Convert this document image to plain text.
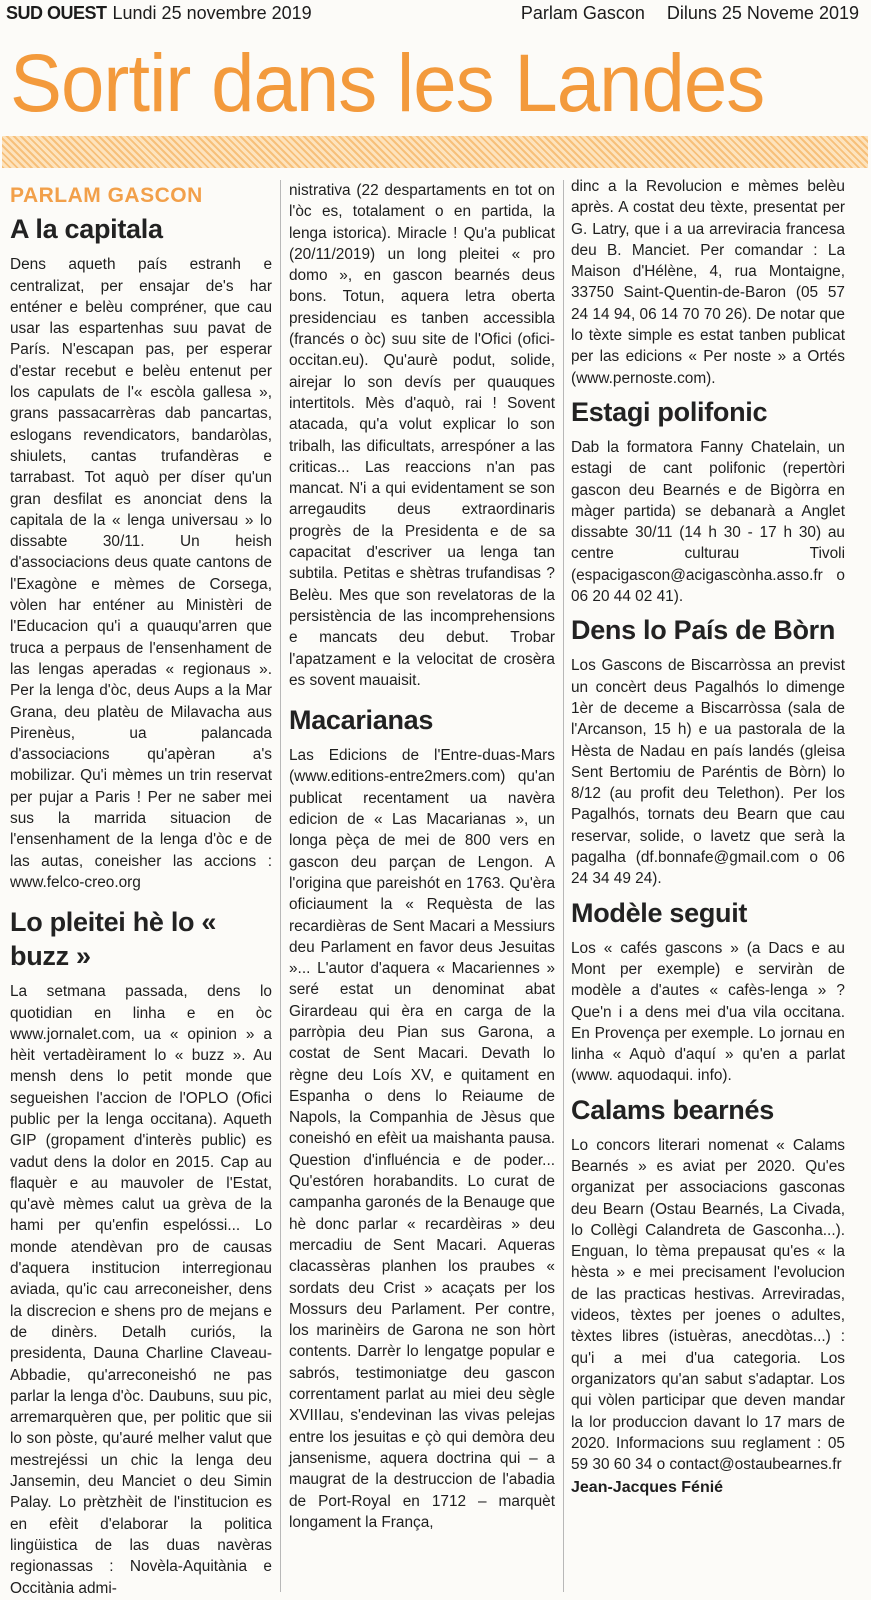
SUD OUEST Lundi 25 novembre 2019	Parlam Gascon Diluns 25 Noveme 2019
Sortir dans les Landes
PARLAM GASCON
A la capitala

Dens aqueth país estranh e centralizat, per ensajar de's har enténer e belèu compréner, que cau usar las espartenhas suu pavat de París. N'escapan pas, per esperar d'estar recebut e belèu entenut per los capulats de l'« escòla gallesa », grans passacarrèras dab pancartas, eslogans revendicators, bandaròlas, shiulets, cantas trufandèras e tarrabast. Tot aquò per díser qu'un gran desfilat es anonciat dens la capitala de la « lenga universau » lo dissabte 30/11. Un heish d'associacions deus quate cantons de l'Exagòne e mèmes de Corsega, vòlen har enténer au Ministèri de l'Educacion qu'i a quauqu'arren que truca a perpaus de l'ensenhament de las lengas aperadas « regionaus ». Per la lenga d'òc, deus Aups a la Mar Grana, deu platèu de Milavacha aus Pirenèus, ua palancada d'associacions qu'apèran a's mobilizar. Qu'i mèmes un trin reservat per pujar a Paris ! Per ne saber mei sus la marrida situacion de l'ensenhament de la lenga d'òc e de las autas, coneisher las accions : www.felco-creo.org

Lo pleitei hè lo « buzz »

La setmana passada, dens lo quotidian en linha e en òc www.jornalet.com, ua « opinion » a hèit vertadèirament lo « buzz ». Au mensh dens lo petit monde que segueishen l'accion de l'OPLO (Ofici public per la lenga occitana). Aqueth GIP (gropament d'interès public) es vadut dens la dolor en 2015. Cap au flaquèr e au mauvoler de l'Estat, qu'avè mèmes calut ua grèva de la hami per qu'enfin espelóssi... Lo monde atendèvan pro de causas d'aquera institucion interregionau aviada, qu'ic cau arreconeisher, dens la discrecion e shens pro de mejans e de dinèrs. Detalh curiós, la presidenta, Dauna Charline Claveau-Abbadie, qu'arreconeishó ne pas parlar la lenga d'òc. Daubuns, suu pic, arremarquèren que, per politic que sii lo son pòste, qu'auré melher valut que mestrejéssi un chic la lenga deu Jansemin, deu Manciet o deu Simin Palay. Lo prètzhèit de l'institucion es en efèit d'elaborar la politica lingüistica de las duas navèras regionassas : Novèla-Aquitània e Occitània admi-

nistrativa (22 despartaments en tot on l'òc es, totalament o en partida, la lenga istorica). Miracle ! Qu'a publicat (20/11/2019) un long pleitei « pro domo », en gascon bearnés deus bons. Totun, aquera letra oberta presidenciau es tanben accessibla (francés o òc) suu site de l'Ofici (ofici-occitan.eu). Qu'aurè podut, solide, airejar lo son devís per quauques intertitols. Mès d'aquò, rai ! Sovent atacada, qu'a volut explicar lo son tribalh, las dificultats, arrespóner a las criticas... Las reaccions n'an pas mancat. N'i a qui evidentament se son arregaudits deus extraordinaris progrès de la Presidenta e de sa capacitat d'escriver ua lenga tan subtila. Petitas e shètras trufandisas ? Belèu. Mes que son revelatoras de la persistència de las incomprehensions e mancats deu debut. Trobar l'apatzament e la velocitat de crosèra es sovent mauaisit.

Macarianas

Las Edicions de l'Entre-duas-Mars (www.editions-entre2mers.com) qu'an publicat recentament ua navèra edicion de « Las Macarianas », un longa pèça de mei de 800 vers en gascon deu parçan de Lengon. A l'origina que pareishót en 1763. Qu'èra oficiaument la « Requèsta de las recardièras de Sent Macari a Messiurs deu Parlament en favor deus Jesuitas »... L'autor d'aquera « Macariennes » seré estat un denominat abat Girardeau qui èra en carga de la parròpia deu Pian sus Garona, a costat de Sent Macari. Devath lo règne deu Loís XV, e quitament en Espanha o dens lo Reiaume de Napols, la Companhia de Jèsus que coneishó en efèit ua maishanta pausa. Question d'influéncia e de poder... Qu'estóren horabandits. Lo curat de campanha garonés de la Benauge que hè donc parlar « recardèiras » deu mercadiu de Sent Macari. Aqueras clacassèras planhen los praubes « sordats deu Crist » acaçats per los Mossurs deu Parlament. Per contre, los marinèirs de Garona ne son hòrt contents. Darrèr lo lengatge popular e sabrós, testimoniatge deu gascon correntament parlat au miei deu sègle XVIIIau, s'endevinan las vivas pelejas entre los jesuitas e çò qui demòra deu jansenisme, aquera doctrina qui – a maugrat de la destruccion de l'abadia de Port-Royal en 1712 – marquèt longament la França,

dinc a la Revolucion e mèmes belèu après. A costat deu tèxte, presentat per G. Latry, que i a ua arreviracia francesa deu B. Manciet. Per comandar : La Maison d'Hélène, 4, rua Montaigne, 33750 Saint-Quentin-de-Baron (05 57 24 14 94, 06 14 70 70 26). De notar que lo tèxte simple es estat tanben publicat per las edicions « Per noste » a Ortés (www.pernoste.com).

Estagi polifonic

Dab la formatora Fanny Chatelain, un estagi de cant polifonic (repertòri gascon deu Bearnés e de Bigòrra en màger partida) se debanarà a Anglet dissabte 30/11 (14 h 30 - 17 h 30) au centre culturau Tivoli (espacigascon@acigascònha.asso.fr o 06 20 44 02 41).

Dens lo País de Bòrn

Los Gascons de Biscarròssa an previst un concèrt deus Pagalhós lo dimenge 1èr de deceme a Biscarròssa (sala de l'Arcanson, 15 h) e ua pastorala de la Hèsta de Nadau en país landés (gleisa Sent Bertomiu de Paréntis de Bòrn) lo 8/12 (au profit deu Telethon). Per los Pagalhós, tornats deu Bearn que cau reservar, solide, o lavetz que serà la pagalha (df.bonnafe@gmail.com o 06 24 34 49 24).

Modèle seguit

Los « cafés gascons » (a Dacs e au Mont per exemple) e serviràn de modèle a d'autes « cafès-lenga » ? Que'n i a dens mei d'ua vila occitana. En Provença per exemple. Lo jornau en linha « Aquò d'aquí » qu'en a parlat (www. aquodaqui. info).

Calams bearnés

Lo concors literari nomenat « Calams Bearnés » es aviat per 2020. Qu'es organizat per associacions gasconas deu Bearn (Ostau Bearnés, La Civada, lo Collègi Calandreta de Gasconha...). Enguan, lo tèma prepausat qu'es « la hèsta » e mei precisament l'evolucion de las practicas hestivas. Arreviradas, videos, tèxtes per joenes o adultes, tèxtes libres (istuèras, anecdòtas...) : qu'i a mei d'ua categoria. Los organizators qu'an sabut s'adaptar. Los qui vòlen participar que deven mandar la lor produccion davant lo 17 mars de 2020. Informacions suu reglament : 05 59 30 60 34 o contact@ostaubearnes.fr

Jean-Jacques Fénié
